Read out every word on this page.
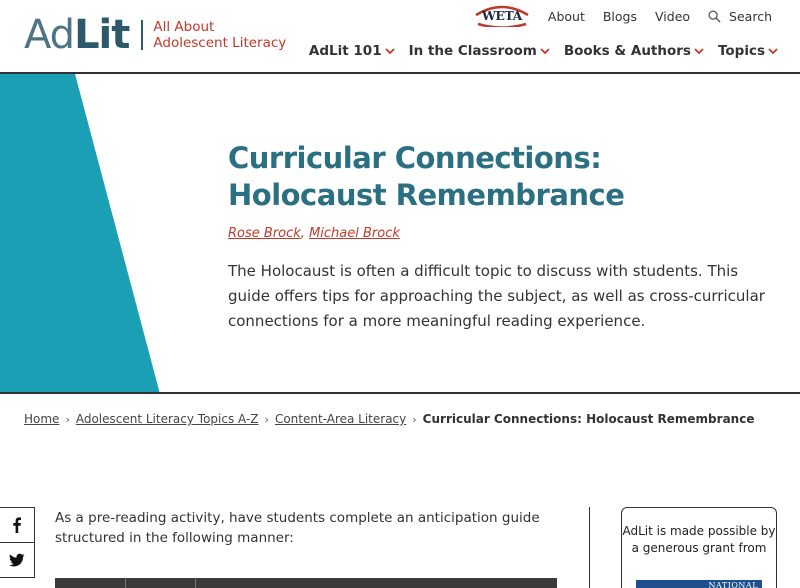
AdLit All About
Adolescent Literacy
WETA About Blogs Video	Search
AdLit 101 In the Classroom Books & Authors Topics
Curricular Connections: Holocaust Remembrance
Rose Brock, Michael Brock

The Holocaust is often a difficult topic to discuss with students. This guide offers tips for approaching the subject, as well as cross-curricular connections for a more meaningful reading experience.

Home › Adolescent Literacy Topics A-Z › Content-Area Literacy › Curricular Connections: Holocaust Remembrance

As a pre-reading activity, have students complete an anticipation guide structured in the following manner:	AdLit is made possible by a generous grant from
NATIONAL
